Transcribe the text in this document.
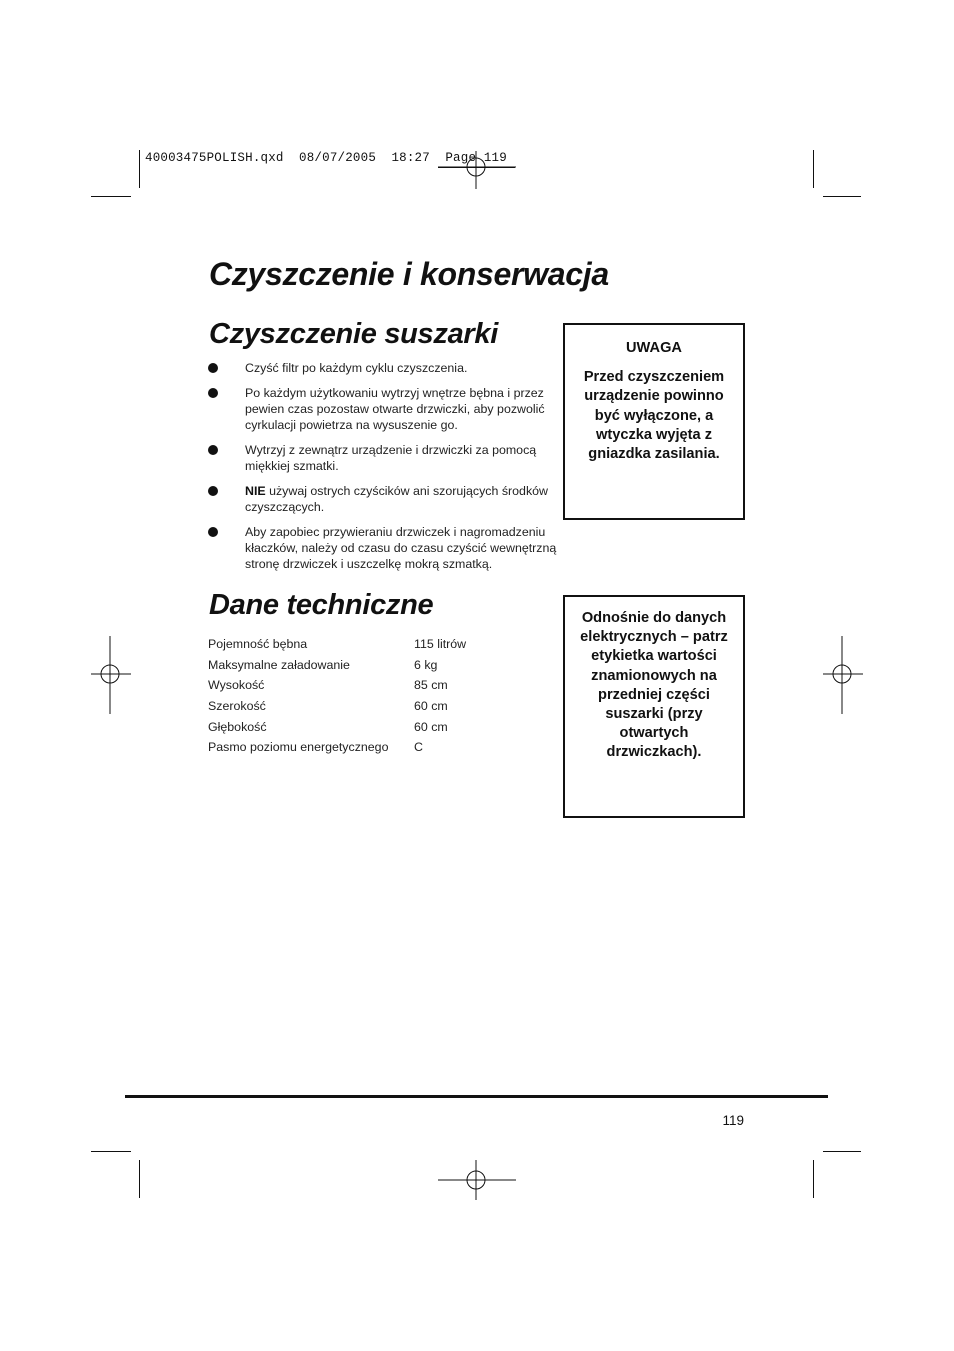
40003475POLISH.qxd  08/07/2005  18:27  Page 119
Czyszczenie i konserwacja
Czyszczenie suszarki
Czyść filtr po każdym cyklu czyszczenia.
Po każdym użytkowaniu wytrzyj wnętrze bębna i przez pewien czas pozostaw otwarte drzwiczki, aby pozwolić cyrkulacji powietrza na wysuszenie go.
Wytrzyj z zewnątrz urządzenie i drzwiczki za pomocą miękkiej szmatki.
NIE używaj ostrych czyścików ani szorujących środków czyszczących.
Aby zapobiec przywieraniu drzwiczek i nagromadzeniu kłaczków, należy od czasu do czasu czyścić wewnętrzną stronę drzwiczek i uszczelkę mokrą szmatką.

UWAGA

Przed czyszczeniem urządzenie powinno być wyłączone, a wtyczka wyjęta z gniazdka zasilania.

Dane techniczne
Pojemność bębna	115 litrów
Maksymalne załadowanie	6 kg
Wysokość	85 cm
Szerokość	60 cm
Głębokość	60 cm
Pasmo poziomu energetycznego	C

Odnośnie do danych elektrycznych – patrz etykietka wartości znamionowych na przedniej części suszarki (przy otwartych drzwiczkach).

119
